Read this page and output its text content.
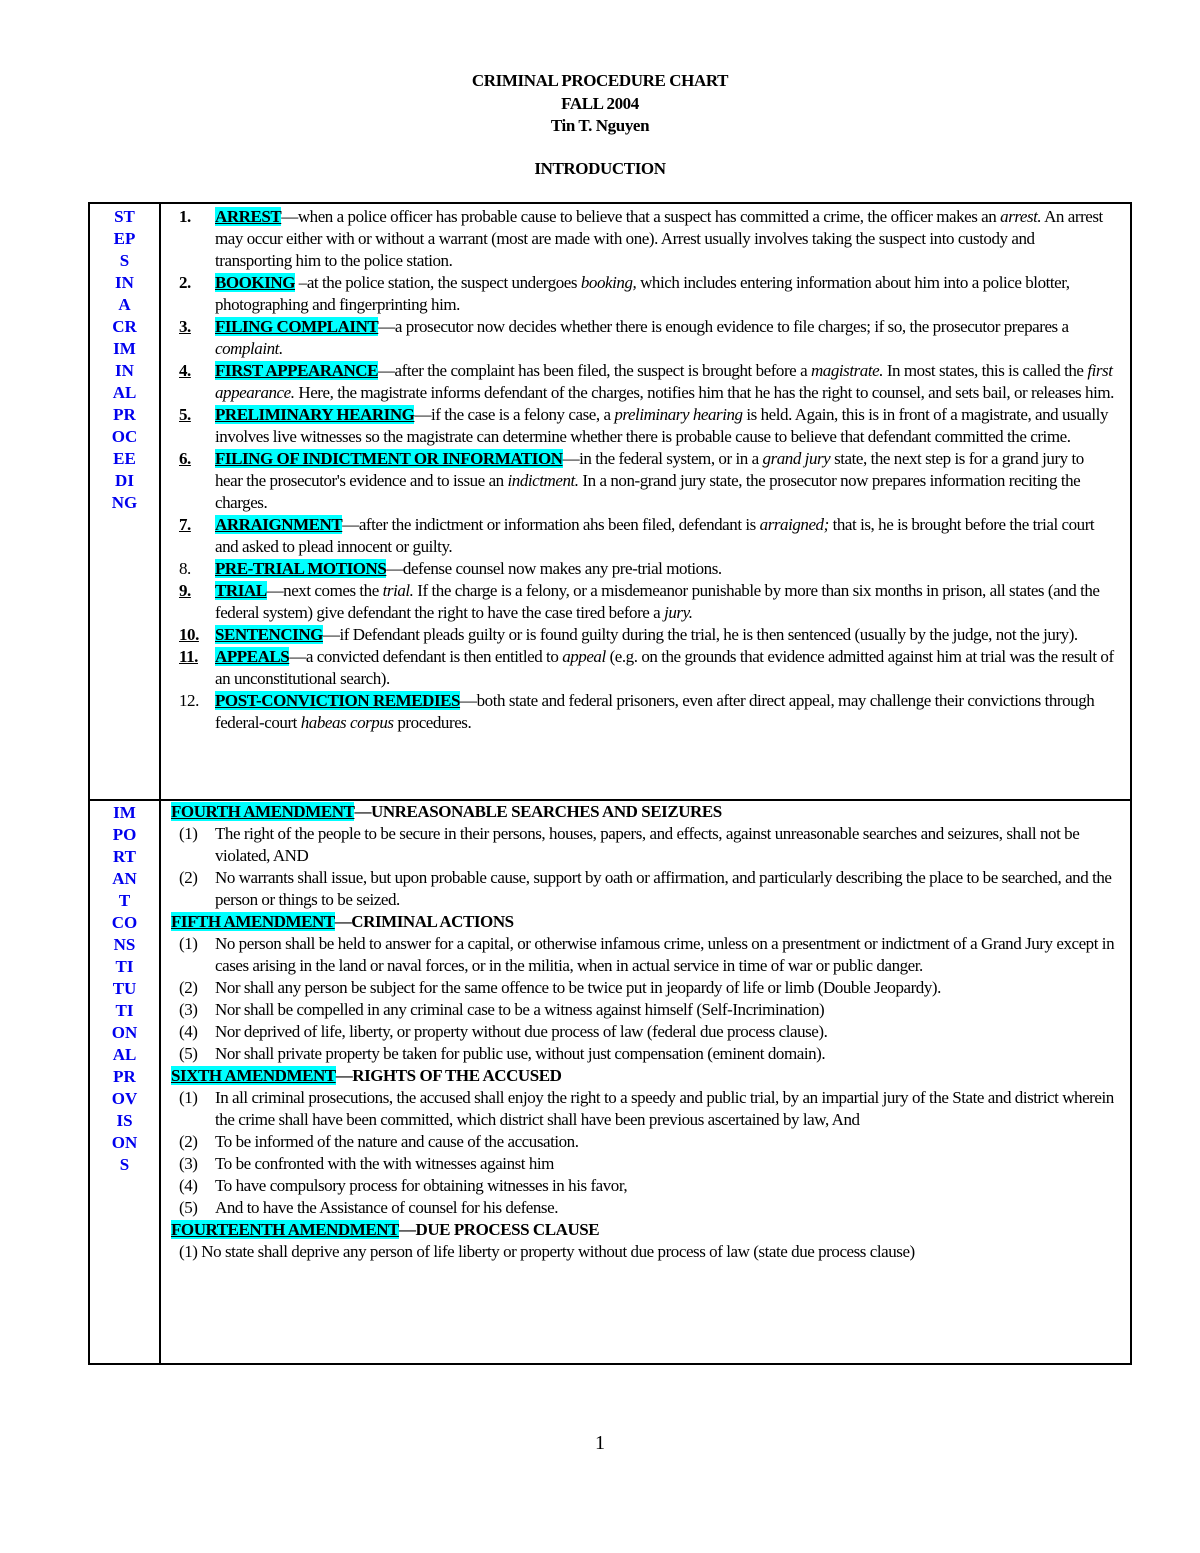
CRIMINAL PROCEDURE CHART
FALL 2004
Tin T. Nguyen
INTRODUCTION
ST
EP
S
IN
A
CR
IM
IN
AL
PR
OC
EE
DI
NG
1. ARREST—when a police officer has probable cause to believe that a suspect has committed a crime, the officer makes an arrest. An arrest may occur either with or without a warrant (most are made with one). Arrest usually involves taking the suspect into custody and transporting him to the police station.
2. BOOKING –at the police station, the suspect undergoes booking, which includes entering information about him into a police blotter, photographing and fingerprinting him.
3. FILING COMPLAINT—a prosecutor now decides whether there is enough evidence to file charges; if so, the prosecutor prepares a complaint.
4. FIRST APPEARANCE—after the complaint has been filed, the suspect is brought before a magistrate. In most states, this is called the first appearance. Here, the magistrate informs defendant of the charges, notifies him that he has the right to counsel, and sets bail, or releases him.
5. PRELIMINARY HEARING—if the case is a felony case, a preliminary hearing is held. Again, this is in front of a magistrate, and usually involves live witnesses so the magistrate can determine whether there is probable cause to believe that defendant committed the crime.
6. FILING OF INDICTMENT OR INFORMATION—in the federal system, or in a grand jury state, the next step is for a grand jury to hear the prosecutor's evidence and to issue an indictment. In a non-grand jury state, the prosecutor now prepares information reciting the charges.
7. ARRAIGNMENT—after the indictment or information ahs been filed, defendant is arraigned; that is, he is brought before the trial court and asked to plead innocent or guilty.
8. PRE-TRIAL MOTIONS—defense counsel now makes any pre-trial motions.
9. TRIAL—next comes the trial. If the charge is a felony, or a misdemeanor punishable by more than six months in prison, all states (and the federal system) give defendant the right to have the case tired before a jury.
10. SENTENCING—if Defendant pleads guilty or is found guilty during the trial, he is then sentenced (usually by the judge, not the jury).
11. APPEALS—a convicted defendant is then entitled to appeal (e.g. on the grounds that evidence admitted against him at trial was the result of an unconstitutional search).
12. POST-CONVICTION REMEDIES—both state and federal prisoners, even after direct appeal, may challenge their convictions through federal-court habeas corpus procedures.
IM
PO
RT
AN
T
CO
NS
TI
TU
TI
ON
AL
PR
OV
IS
ON
S
FOURTH AMENDMENT—UNREASONABLE SEARCHES AND SEIZURES
(1) The right of the people to be secure in their persons, houses, papers, and effects, against unreasonable searches and seizures, shall not be violated, AND
(2) No warrants shall issue, but upon probable cause, support by oath or affirmation, and particularly describing the place to be searched, and the person or things to be seized.
FIFTH AMENDMENT—CRIMINAL ACTIONS
(1) No person shall be held to answer for a capital, or otherwise infamous crime, unless on a presentment or indictment of a Grand Jury except in cases arising in the land or naval forces, or in the militia, when in actual service in time of war or public danger.
(2) Nor shall any person be subject for the same offence to be twice put in jeopardy of life or limb (Double Jeopardy).
(3) Nor shall be compelled in any criminal case to be a witness against himself (Self-Incrimination)
(4) Nor deprived of life, liberty, or property without due process of law (federal due process clause).
(5) Nor shall private property be taken for public use, without just compensation (eminent domain).
SIXTH AMENDMENT—RIGHTS OF THE ACCUSED
(1) In all criminal prosecutions, the accused shall enjoy the right to a speedy and public trial, by an impartial jury of the State and district wherein the crime shall have been committed, which district shall have been previous ascertained by law, And
(2) To be informed of the nature and cause of the accusation.
(3) To be confronted with the with witnesses against him
(4) To have compulsory process for obtaining witnesses in his favor,
(5) And to have the Assistance of counsel for his defense.
FOURTEENTH AMENDMENT—DUE PROCESS CLAUSE
(1) No state shall deprive any person of life liberty or property without due process of law (state due process clause)
1
